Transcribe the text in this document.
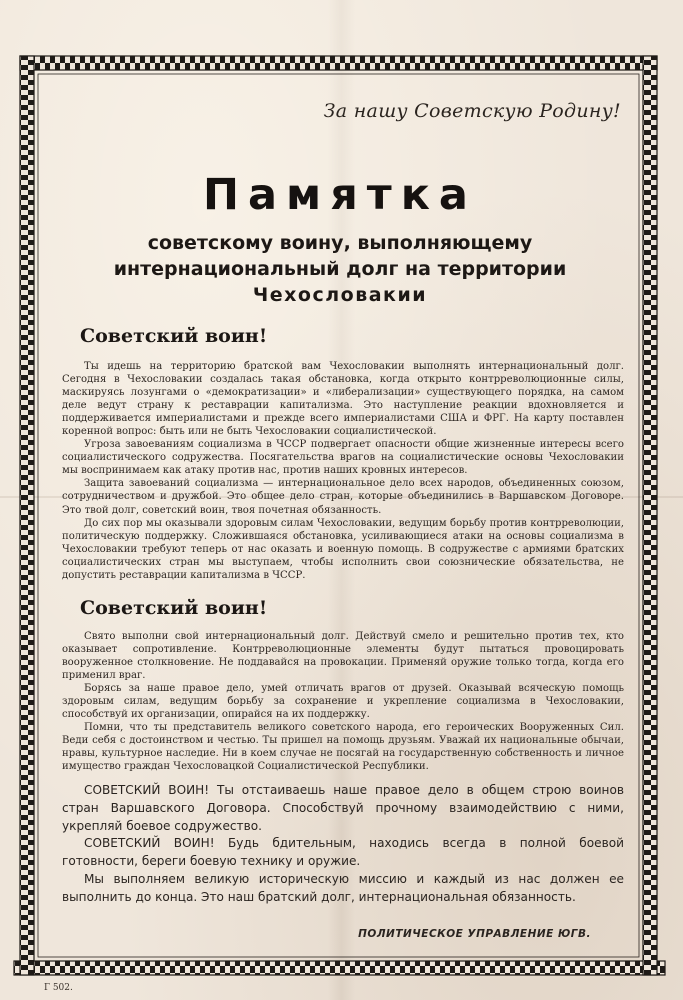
За нашу Советскую Родину!
Памятка
советскому воину, выполняющему
интернациональный долг на территории
Чехословакии
Советский воин!

Ты идешь на территорию братской вам Чехословакии выполнять интернациональный долг. Сегодня в Чехословакии создалась такая обстановка, когда открыто контрреволюционные силы, маскируясь лозунгами о «демократизации» и «либерализации» существующего порядка, на самом деле ведут страну к реставрации капитализма. Это наступление реакции вдохновляется и поддерживается империалистами и прежде всего империалистами США и ФРГ. На карту поставлен коренной вопрос: быть или не быть Чехословакии социалистической.

Угроза завоеваниям социализма в ЧССР подвергает опасности общие жизненные интересы всего социалистического содружества. Посягательства врагов на социалистические основы Чехословакии мы воспринимаем как атаку против нас, против наших кровных интересов.

Защита завоеваний социализма — интернациональное дело всех народов, объединенных союзом, сотрудничеством и дружбой. Это общее дело стран, которые объединились в Варшавском Договоре. Это твой долг, советский воин, твоя почетная обязанность.

До сих пор мы оказывали здоровым силам Чехословакии, ведущим борьбу против контрреволюции, политическую поддержку. Сложившаяся обстановка, усиливающиеся атаки на основы социализма в Чехословакии требуют теперь от нас оказать и военную помощь. В содружестве с армиями братских социалистических стран мы выступаем, чтобы исполнить свои союзнические обязательства, не допустить реставрации капитализма в ЧССР.

Советский воин!

Свято выполни свой интернациональный долг. Действуй смело и решительно против тех, кто оказывает сопротивление. Контрреволюционные элементы будут пытаться провоцировать вооруженное столкновение. Не поддавайся на провокации. Применяй оружие только тогда, когда его применил враг.

Борясь за наше правое дело, умей отличать врагов от друзей. Оказывай всяческую помощь здоровым силам, ведущим борьбу за сохранение и укрепление социализма в Чехословакии, способствуй их организации, опирайся на их поддержку.

Помни, что ты представитель великого советского народа, его героических Вооруженных Сил. Веди себя с достоинством и честью. Ты пришел на помощь друзьям. Уважай их национальные обычаи, нравы, культурное наследие. Ни в коем случае не посягай на государственную собственность и личное имущество граждан Чехословацкой Социалистической Республики.

СОВЕТСКИЙ ВОИН! Ты отстаиваешь наше правое дело в общем строю воинов стран Варшавского Договора. Способствуй прочному взаимодействию с ними, укрепляй боевое содружество.

СОВЕТСКИЙ ВОИН! Будь бдительным, находись всегда в полной боевой готовности, береги боевую технику и оружие.

Мы выполняем великую историческую миссию и каждый из нас должен ее выполнить до конца. Это наш братский долг, интернациональная обязанность.

ПОЛИТИЧЕСКОЕ УПРАВЛЕНИЕ ЮГВ.
Г 502.
